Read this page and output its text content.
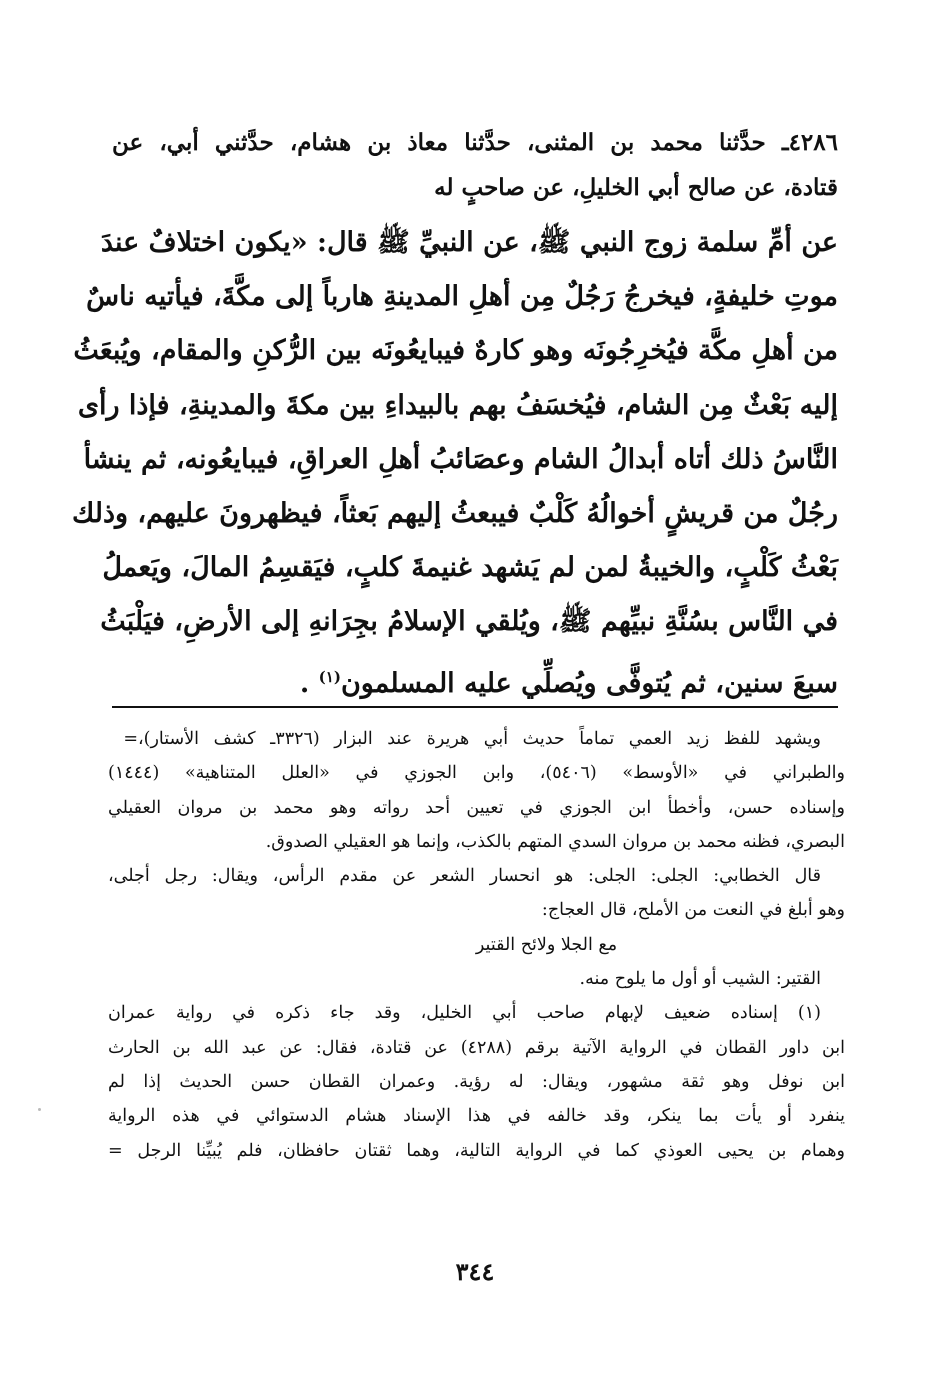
٤٢٨٦ـ حدَّثنا محمد بن المثنى، حدَّثنا معاذ بن هشام، حدَّثني أبي، عن

قتادة، عن صالح أبي الخليلِ، عن صاحبٍ له

عن أمِّ سلمة زوج النبي ﷺ، عن النبيِّ ﷺ قال: «يكون اختلافٌ عندَ
موتِ خليفةٍ، فيخرجُ رَجُلٌ مِن أهلِ المدينةِ هارباً إلى مكَّةَ، فيأتيه ناسٌ
من أهلِ مكَّة فيُخرِجُونَه وهو كارهٌ فيبايعُونَه بين الرُّكنِ والمقام، ويُبعَثُ
إليه بَعْثٌ مِن الشام، فيُخسَفُ بهم بالبيداءِ بين مكةَ والمدينةِ، فإذا رأى
النَّاسُ ذلك أتاه أبدالُ الشام وعصَائبُ أهلِ العراقِ، فيبايعُونه، ثم ينشأ
رجُلٌ من قريشٍ أخوالُهُ كَلْبٌ فيبعثُ إليهم بَعثاً، فيظهرونَ عليهم، وذلك
بَعْثُ كَلْبٍ، والخيبةُ لمن لم يَشهد غنيمةَ كلبٍ، فيَقسِمُ المالَ، ويَعملُ
في النَّاس بسُنَّةِ نبيِّهم ﷺ، ويُلقي الإسلامُ بجِرَانهِ إلى الأرضِ، فيَلْبَثُ
سبعَ سنين، ثم يُتوفَّى ويُصلِّي عليه المسلمون$^{(١)}$ .
ويشهد للفظ زيد العمي تماماً حديث أبي هريرة عند البزار (٣٣٢٦ـ كشف الأستار)،
=
والطبراني في «الأوسط» (٥٤٠٦)، وابن الجوزي في «العلل المتناهية» (١٤٤٤)
وإسناده حسن، وأخطأ ابن الجوزي في تعيين أحد رواته وهو محمد بن مروان العقيلي
البصري، فظنه محمد بن مروان السدي المتهم بالكذب، وإنما هو العقيلي الصدوق.
قال الخطابي: الجلى: الجلى: هو انحسار الشعر عن مقدم الرأس، ويقال: رجل أجلى،
وهو أبلغ في النعت من الأملح، قال العجاج:
مع الجلا ولائح القتير
القتير: الشيب أو أول ما يلوح منه.
(١) إسناده ضعيف لإبهام صاحب أبي الخليل، وقد جاء ذكره في رواية عمران
ابن داور القطان في الرواية الآتية برقم (٤٢٨٨) عن قتادة، فقال: عن عبد الله بن الحارث
ابن نوفل وهو ثقة مشهور، ويقال: له رؤية. وعمران القطان حسن الحديث إذا لم
ينفرد أو يأت بما ينكر، وقد خالفه في هذا الإسناد هشام الدستوائي في هذه الرواية
وهمام بن يحيى العوذي كما في الرواية التالية، وهما ثقتان حافظان، فلم يُبيِّنا الرجل =
٣٤٤
